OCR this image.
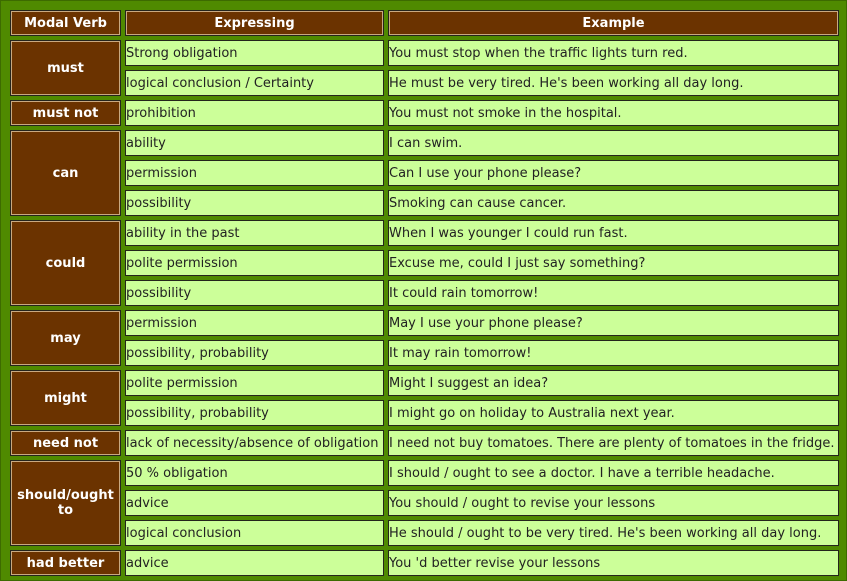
Modal Verb	Expressing	Example
must	Strong obligation	You must stop when the traffic lights turn red.
	logical conclusion / Certainty	He must be very tired. He's been working all day long.
must not	prohibition	You must not smoke in the hospital.
can	ability	I can swim.
	permission	Can I use your phone please?
	possibility	Smoking can cause cancer.
could	ability in the past	When I was younger I could run fast.
	polite permission	Excuse me, could I just say something?
	possibility	It could rain tomorrow!
may	permission	May I use your phone please?
	possibility, probability	It may rain tomorrow!
might	polite permission	Might I suggest an idea?
	possibility, probability	I might go on holiday to Australia next year.
need not	lack of necessity/absence of obligation	I need not buy tomatoes. There are plenty of tomatoes in the fridge.
should/ought to	50 % obligation	I should / ought to see a doctor. I have a terrible headache.
	advice	You should / ought to revise your lessons
	logical conclusion	He should / ought to be very tired. He's been working all day long.
had better	advice	You 'd better revise your lessons
